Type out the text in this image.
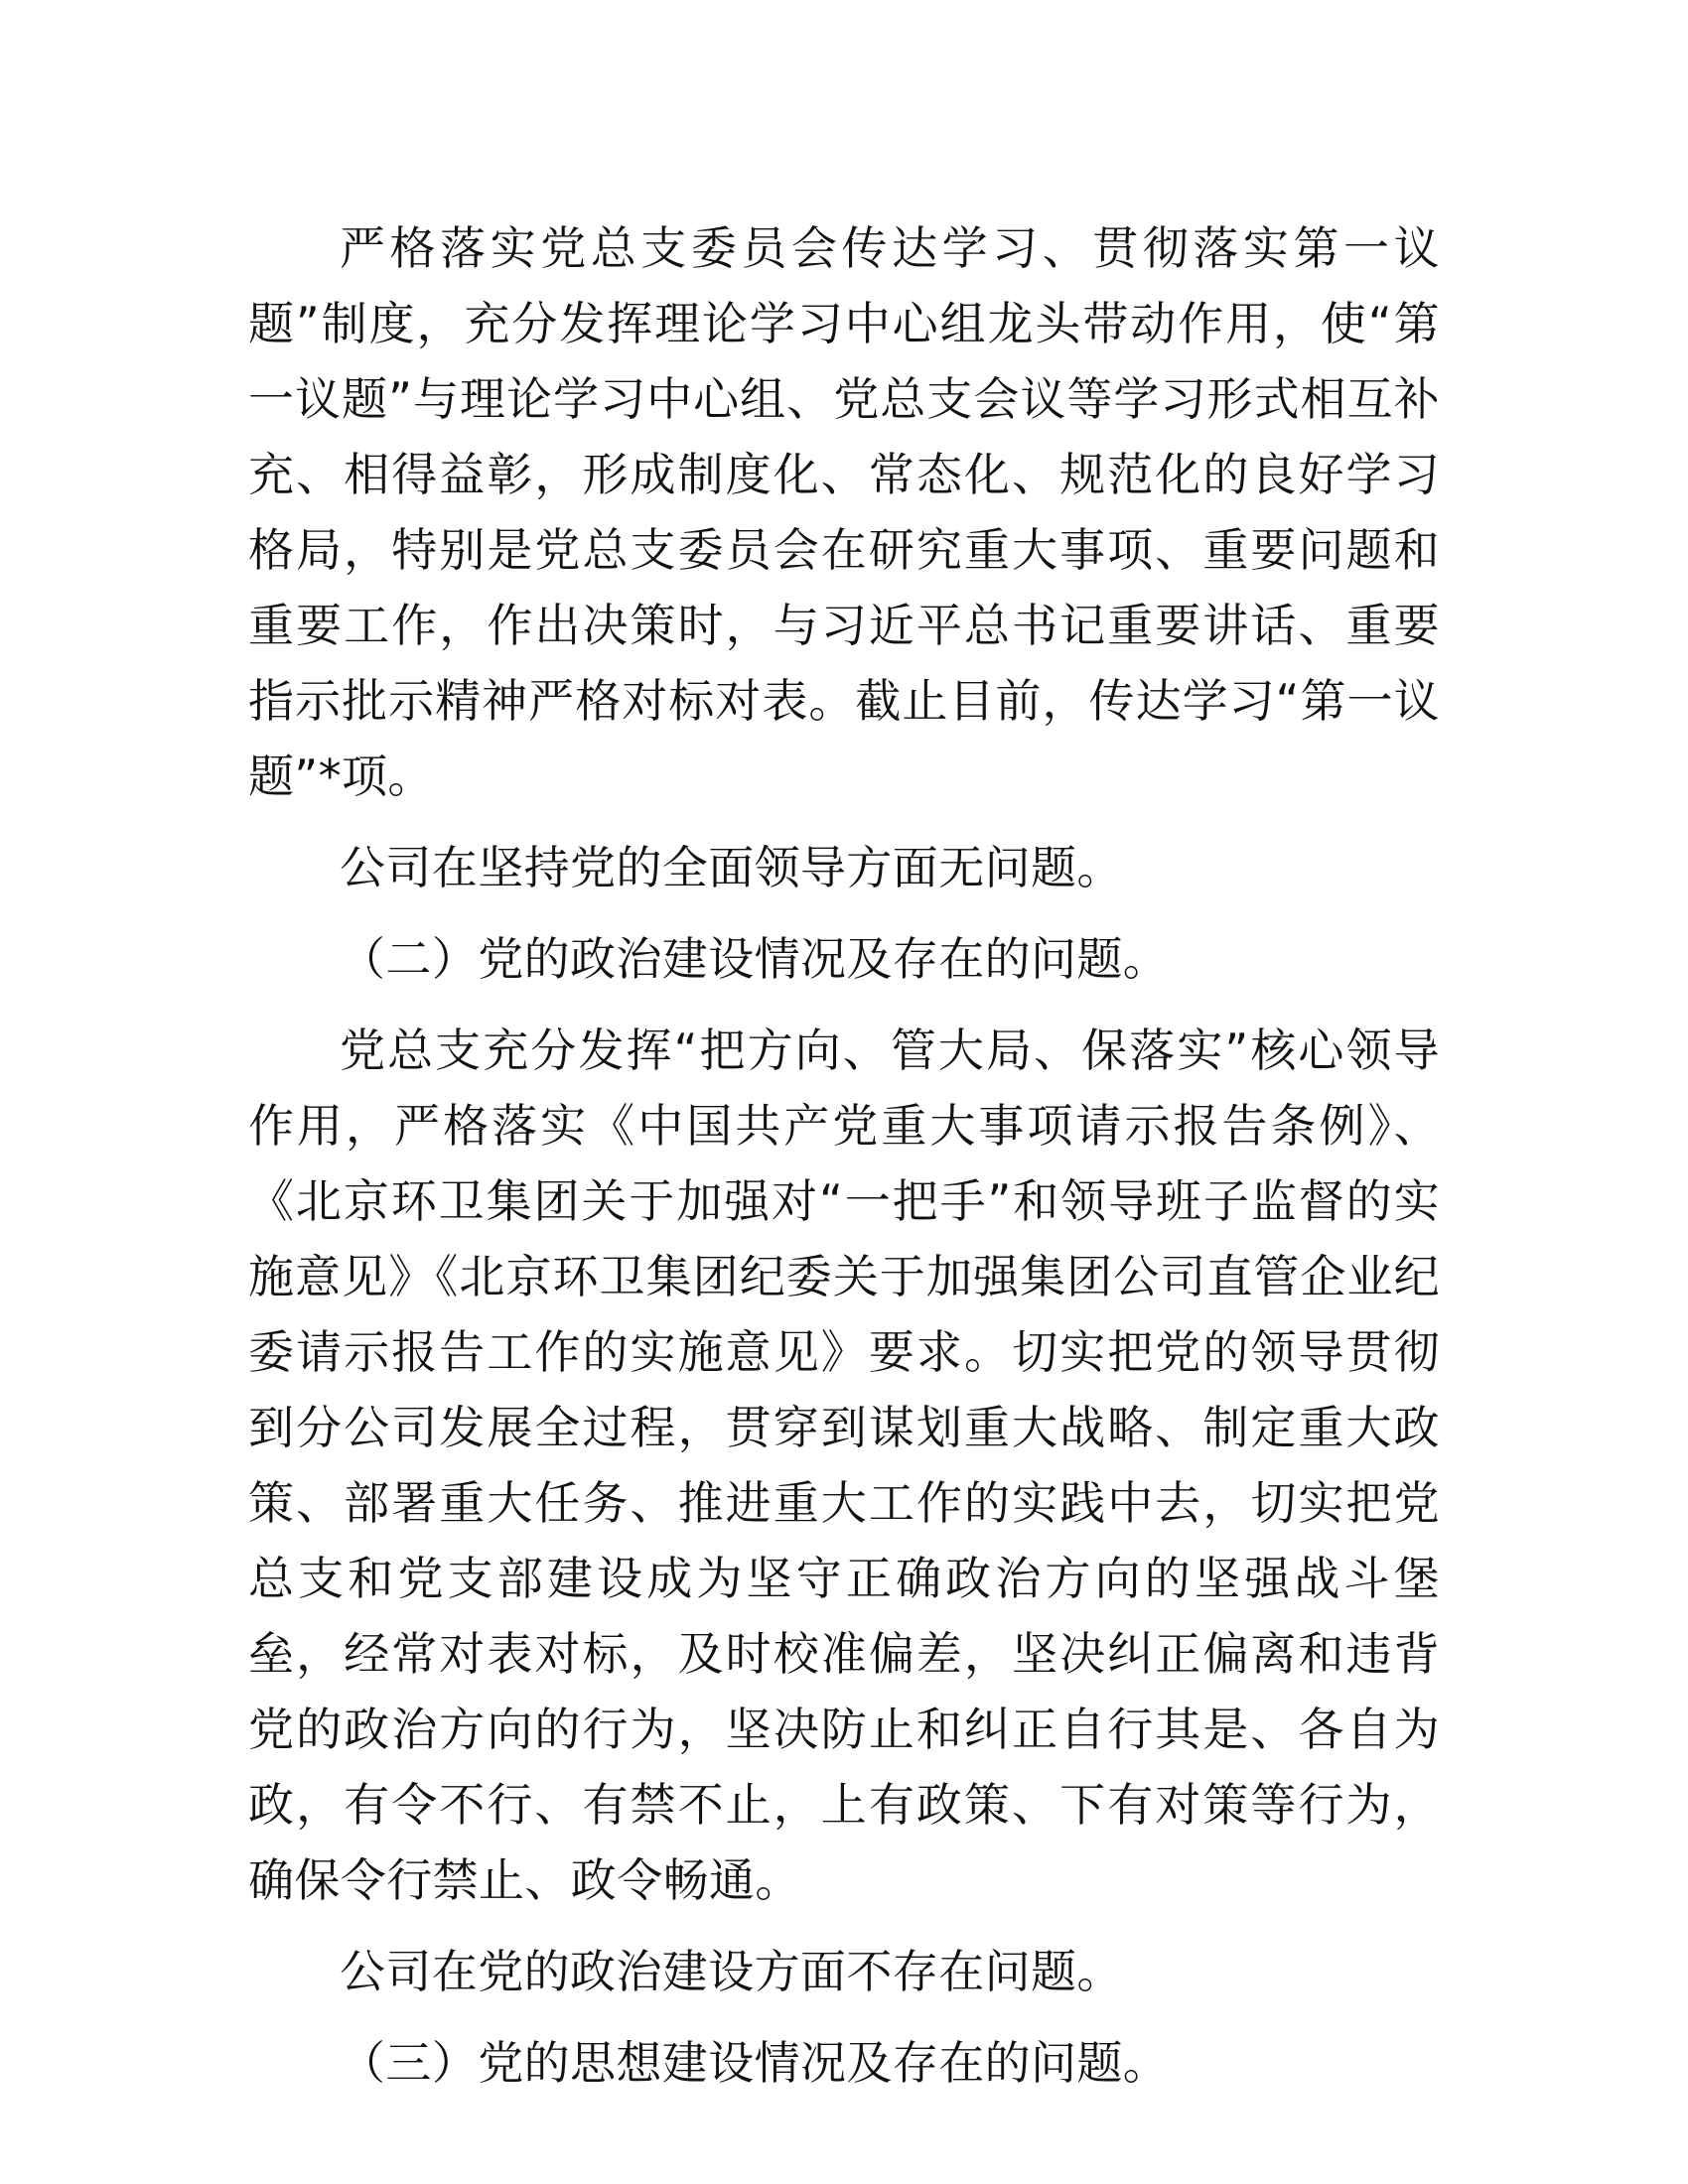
严格落实党总支委员会传达学习、贯彻落实第一议题”制度，充分发挥理论学习中心组龙头带动作用，使“第一议题”与理论学习中心组、党总支会议等学习形式相互补充、相得益彰，形成制度化、常态化、规范化的良好学习格局，特别是党总支委员会在研究重大事项、重要问题和重要工作，作出决策时，与习近平总书记重要讲话、重要指示批示精神严格对标对表。截止目前，传达学习“第一议题”*项。

公司在坚持党的全面领导方面无问题。

（二）党的政治建设情况及存在的问题。

党总支充分发挥“把方向、管大局、保落实”核心领导作用，严格落实《中国共产党重大事项请示报告条例》、《北京环卫集团关于加强对“一把手”和领导班子监督的实施意见》《北京环卫集团纪委关于加强集团公司直管企业纪委请示报告工作的实施意见》要求。切实把党的领导贯彻到分公司发展全过程，贯穿到谋划重大战略、制定重大政策、部署重大任务、推进重大工作的实践中去，切实把党总支和党支部建设成为坚守正确政治方向的坚强战斗堡垒，经常对表对标，及时校准偏差，坚决纠正偏离和违背党的政治方向的行为，坚决防止和纠正自行其是、各自为政，有令不行、有禁不止，上有政策、下有对策等行为，确保令行禁止、政令畅通。

公司在党的政治建设方面不存在问题。

（三）党的思想建设情况及存在的问题。
